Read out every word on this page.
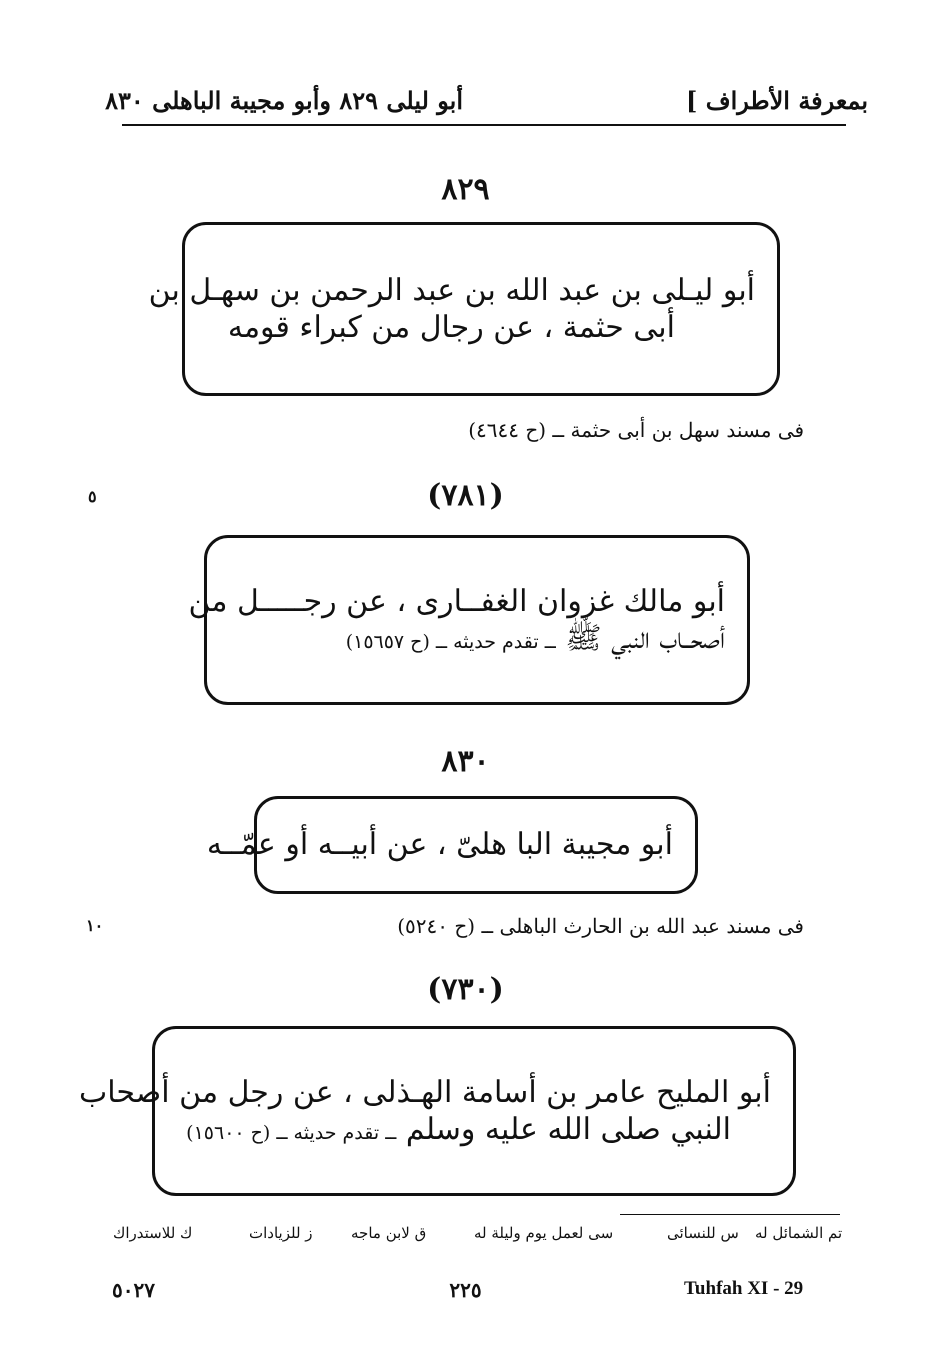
بمعرفة الأطراف ]
أبو ليلى ٨٢٩ وأبو مجيبة الباهلى ٨٣٠
٨٢٩
أبو ليـلى بن عبد الله بن عبد الرحمن بن سهـل بن
أبى حثمة ، عن رجال من كبراء قومه
فى مسند سهل بن أبى حثمة ــ (ح ٤٦٤٤)
٥	(٧٨١)
أبو مالك غزوان الغفــارى ، عن رجـــــل من
أصحــاب النبي ﷺ ــ تقدم حديثه ــ (ح ١٥٦٥٧)
٨٣٠
أبو مجيبة البا هلىّ ، عن أبيــه أو عمّــه
فى مسند عبد الله بن الحارث الباهلى ــ (ح ٥٢٤٠)
١٠
(٧٣٠)
أبو المليح عامر بن أسامة الهـذلى ، عن رجل من أصحاب
النبي صلى الله عليه وسلم ــ تقدم حديثه ــ (ح ١٥٦٠٠)
تم الشمائل له
س للنسائى
سى لعمل يوم وليلة له
ق لابن ماجه
ز للزيادات
ك للاستدراك
٥٠٢٧	٢٢٥	Tuhfah XI - 29
